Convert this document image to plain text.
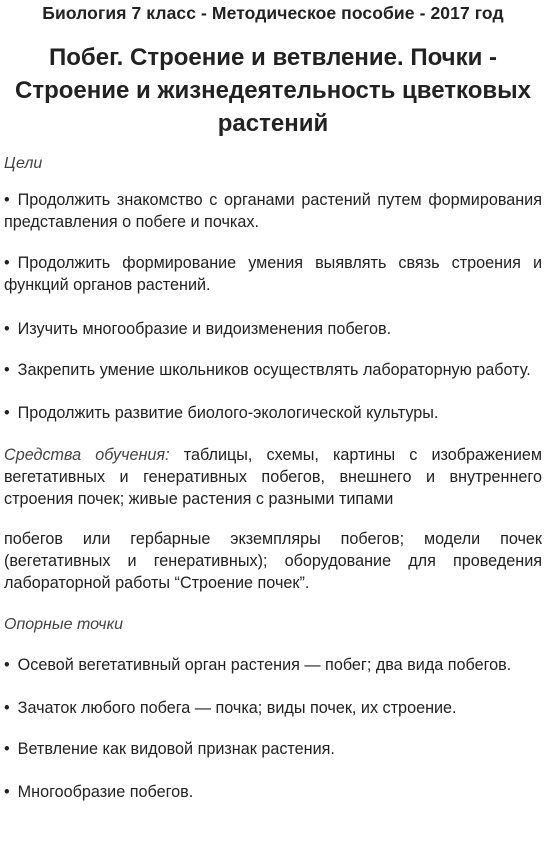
Биология 7 класс - Методическое пособие - 2017 год
Побег. Строение и ветвление. Почки - Строение и жизнедеятельность цветковых растений
Цели

• Продолжить знакомство с органами растений путем формирования представления о побеге и почках.

• Продолжить формирование умения выявлять связь строения и функций органов растений.

• Изучить многообразие и видоизменения побегов.

• Закрепить умение школьников осуществлять лабораторную работу.

• Продолжить развитие биолого-экологической культуры.

Средства обучения: таблицы, схемы, картины с изображением вегетативных и генеративных побегов, внешнего и внутреннего строения почек; живые растения с разными типами

побегов или гербарные экземпляры побегов; модели почек (вегетативных и генеративных); оборудование для проведения лабораторной работы “Строение почек”.

Опорные точки

• Осевой вегетативный орган растения — побег; два вида побегов.

• Зачаток любого побега — почка; виды почек, их строение.

• Ветвление как видовой признак растения.

• Многообразие побегов.
